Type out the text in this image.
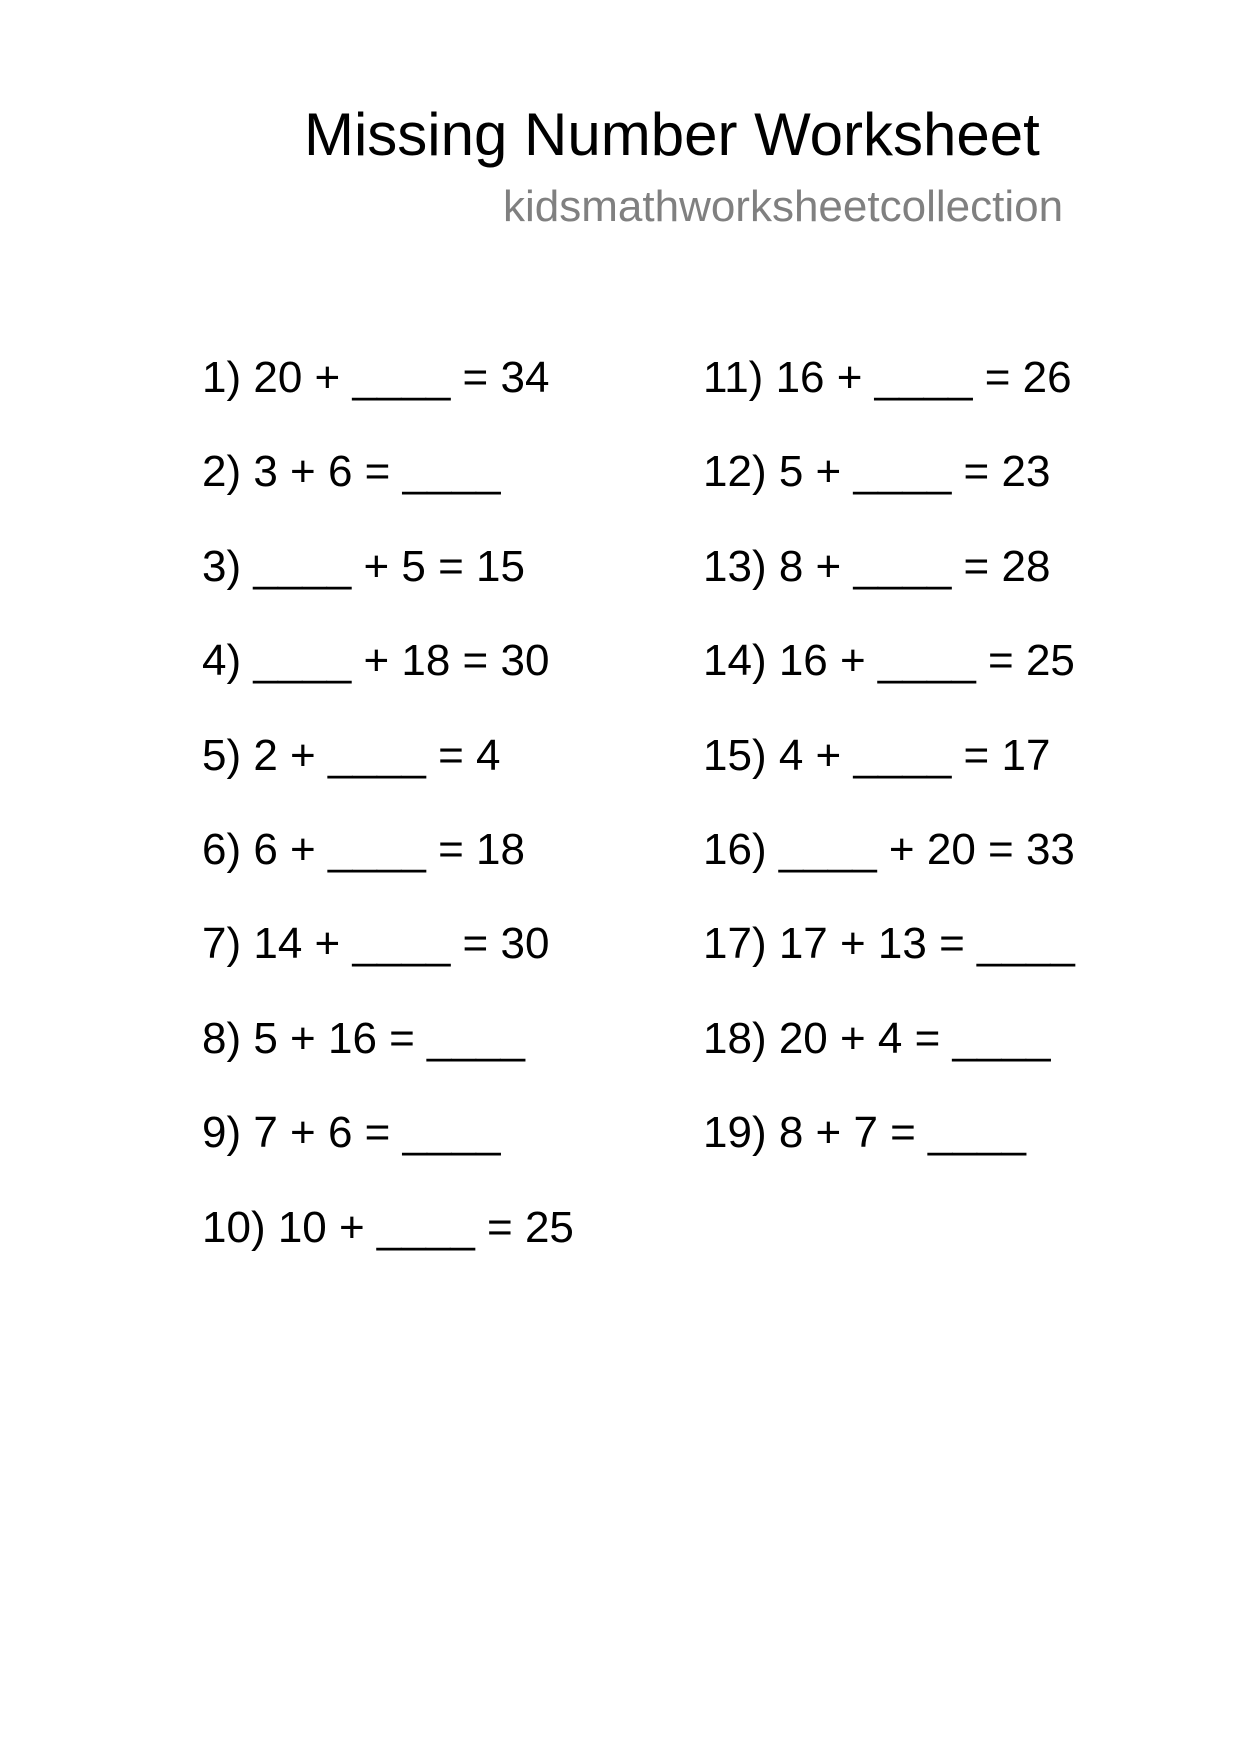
Missing Number Worksheet
kidsmathworksheetcollection
1) 20 + ____ = 34
2) 3 + 6 = ____
3) ____ + 5 = 15
4) ____ + 18 = 30
5) 2 + ____ = 4
6) 6 + ____ = 18
7) 14 + ____ = 30
8) 5 + 16 = ____
9) 7 + 6 = ____
10) 10 + ____ = 25
11) 16 + ____ = 26
12) 5 + ____ = 23
13) 8 + ____ = 28
14) 16 + ____ = 25
15) 4 + ____ = 17
16) ____ + 20 = 33
17) 17 + 13 = ____
18) 20 + 4 = ____
19) 8 + 7 = ____
